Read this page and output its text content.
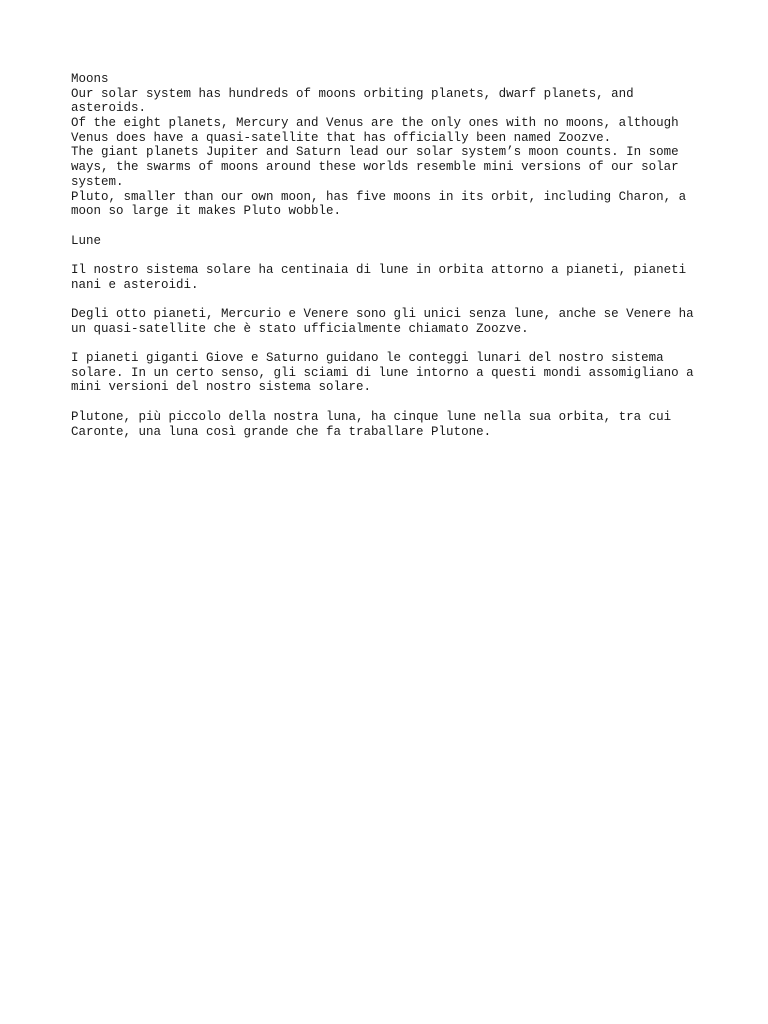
Moons
Our solar system has hundreds of moons orbiting planets, dwarf planets, and
asteroids.
Of the eight planets, Mercury and Venus are the only ones with no moons, although
Venus does have a quasi-satellite that has officially been named Zoozve.
The giant planets Jupiter and Saturn lead our solar system’s moon counts. In some
ways, the swarms of moons around these worlds resemble mini versions of our solar
system.
Pluto, smaller than our own moon, has five moons in its orbit, including Charon, a
moon so large it makes Pluto wobble.
Lune
Il nostro sistema solare ha centinaia di lune in orbita attorno a pianeti, pianeti
nani e asteroidi.
Degli otto pianeti, Mercurio e Venere sono gli unici senza lune, anche se Venere ha
un quasi-satellite che è stato ufficialmente chiamato Zoozve.
I pianeti giganti Giove e Saturno guidano le conteggi lunari del nostro sistema
solare. In un certo senso, gli sciami di lune intorno a questi mondi assomigliano a
mini versioni del nostro sistema solare.
Plutone, più piccolo della nostra luna, ha cinque lune nella sua orbita, tra cui
Caronte, una luna così grande che fa traballare Plutone.
